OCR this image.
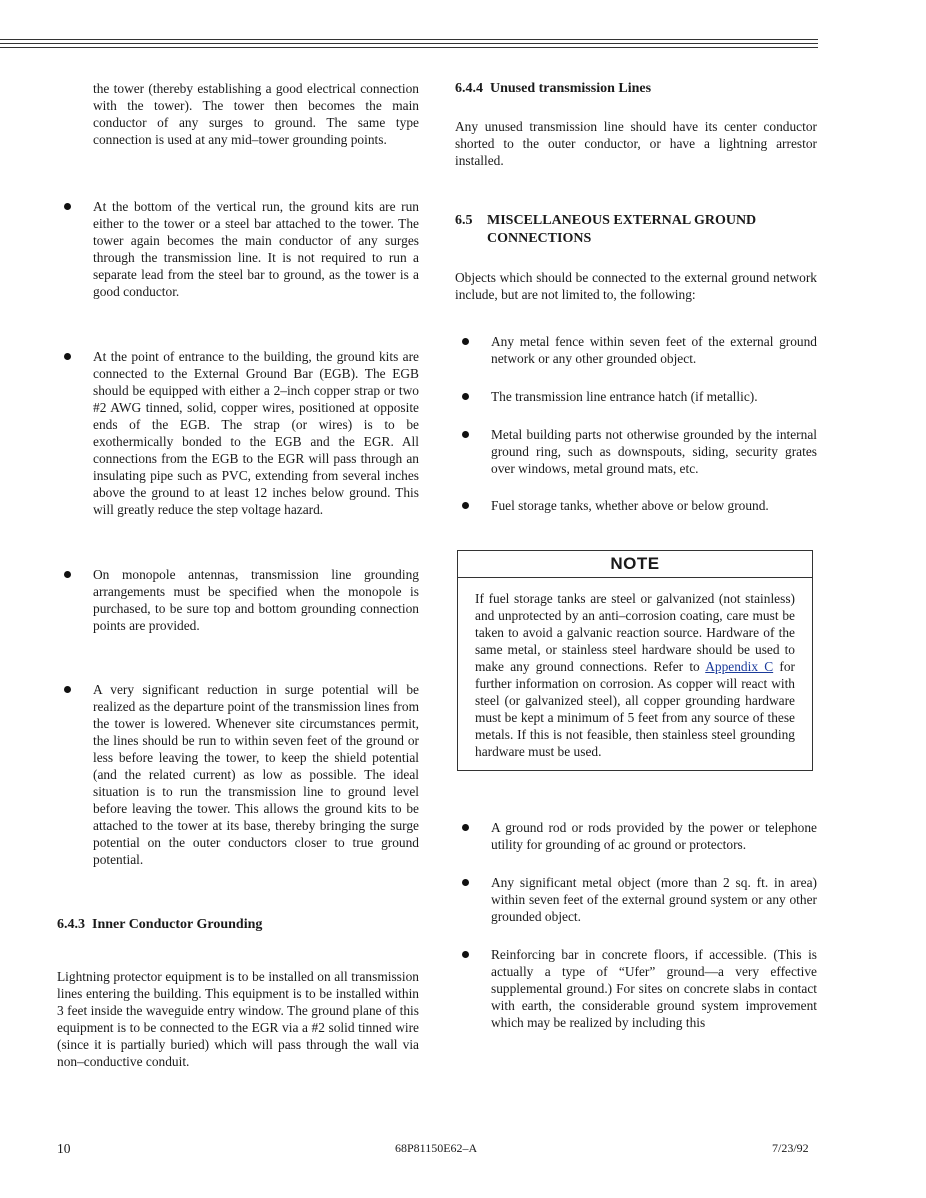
the tower (thereby establishing a good electrical connection with the tower). The tower then becomes the main conductor of any surges to ground. The same type connection is used at any mid–tower grounding points.

At the bottom of the vertical run, the ground kits are run either to the tower or a steel bar attached to the tower. The tower again becomes the main conductor of any surges through the transmission line. It is not required to run a separate lead from the steel bar to ground, as the tower is a good conductor.

At the point of entrance to the building, the ground kits are connected to the External Ground Bar (EGB). The EGB should be equipped with either a 2–inch copper strap or two #2 AWG tinned, solid, copper wires, positioned at opposite ends of the EGB. The strap (or wires) is to be exothermically bonded to the EGB and the EGR. All connections from the EGB to the EGR will pass through an insulating pipe such as PVC, extending from several inches above the ground to at least 12 inches below ground. This will greatly reduce the step voltage hazard.

On monopole antennas, transmission line grounding arrangements must be specified when the monopole is purchased, to be sure top and bottom grounding connection points are provided.

A very significant reduction in surge potential will be realized as the departure point of the transmission lines from the tower is lowered. Whenever site circumstances permit, the lines should be run to within seven feet of the ground or less before leaving the tower, to keep the shield potential (and the related current) as low as possible. The ideal situation is to run the transmission line to ground level before leaving the tower. This allows the ground kits to be attached to the tower at its base, thereby bringing the surge potential on the outer conductors closer to true ground potential.

6.4.3 Inner Conductor Grounding

Lightning protector equipment is to be installed on all transmission lines entering the building. This equipment is to be installed within 3 feet inside the waveguide entry window. The ground plane of this equipment is to be connected to the EGR via a #2 solid tinned wire (since it is partially buried) which will pass through the wall via non–conductive conduit.

6.4.4 Unused transmission Lines

Any unused transmission line should have its center conductor shorted to the outer conductor, or have a lightning arrestor installed.

6.5	MISCELLANEOUS EXTERNAL GROUND CONNECTIONS

Objects which should be connected to the external ground network include, but are not limited to, the following:

Any metal fence within seven feet of the external ground network or any other grounded object.

The transmission line entrance hatch (if metallic).

Metal building parts not otherwise grounded by the internal ground ring, such as downspouts, siding, security grates over windows, metal ground mats, etc.

Fuel storage tanks, whether above or below ground.

NOTE

If fuel storage tanks are steel or galvanized (not stainless) and unprotected by an anti–corrosion coating, care must be taken to avoid a galvanic reaction source. Hardware of the same metal, or stainless steel hardware should be used to make any ground connections. Refer to Appendix C for further information on corrosion. As copper will react with steel (or galvanized steel), all copper grounding hardware must be kept a minimum of 5 feet from any source of these metals. If this is not feasible, then stainless steel grounding hardware must be used.

A ground rod or rods provided by the power or telephone utility for grounding of ac ground or protectors.

Any significant metal object (more than 2 sq. ft. in area) within seven feet of the external ground system or any other grounded object.

Reinforcing bar in concrete floors, if accessible. (This is actually a type of “Ufer” ground—a very effective supplemental ground.) For sites on concrete slabs in contact with earth, the considerable ground system improvement which may be realized by including this

10	68P81150E62–A	7/23/92
